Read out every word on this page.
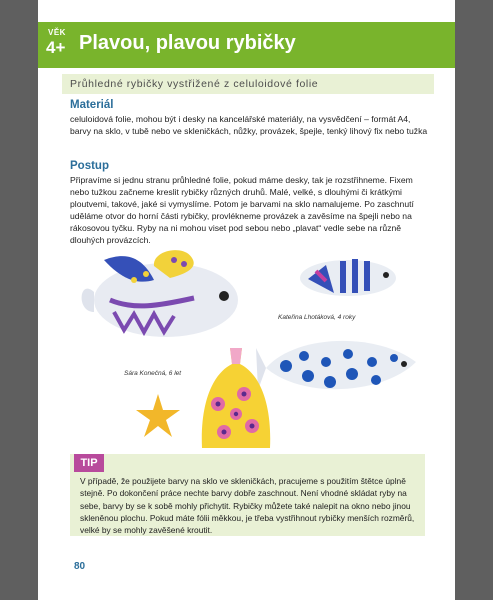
VĚK
4+ Plavou, plavou rybičky
Průhledné rybičky vystřižené z celuloidové folie
Materiál

celuloidová folie, mohou být i desky na kancelářské materiály, na vysvědčení – formát A4, barvy na sklo, v tubě nebo ve skleničkách, nůžky, provázek, špejle, tenký lihový fix nebo tužka

Postup

Připravíme si jednu stranu průhledné folie, pokud máme desky, tak je rozstřihneme. Fixem nebo tužkou začneme kreslit rybičky různých druhů. Malé, velké, s dlouhými či krátkými ploutvemi, takové, jaké si vymyslíme. Potom je barvami na sklo namalujeme. Po zaschnutí uděláme otvor do horní části rybičky, provlékneme provázek a zavěsíme na špejli nebo na rákosovou tyčku. Ryby na ni mohou viset pod sebou nebo „plavat“ vedle sebe na různě dlouhých provázcích.

Kateřina Lhotáková, 4 roky
Sára Konečná, 6 let
TIP
V případě, že použijete barvy na sklo ve skleničkách, pracujeme s použitím štětce úplně stejně. Po dokončení práce nechte barvy dobře zaschnout. Není vhodné skládat ryby na sebe, barvy by se k sobě mohly přichytit. Rybičky můžete také nalepit na okno nebo jinou skleněnou plochu. Pokud máte fólii měkkou, je třeba vystřihnout rybičky menších rozměrů, velké by se mohly zavěšené kroutit.
80
